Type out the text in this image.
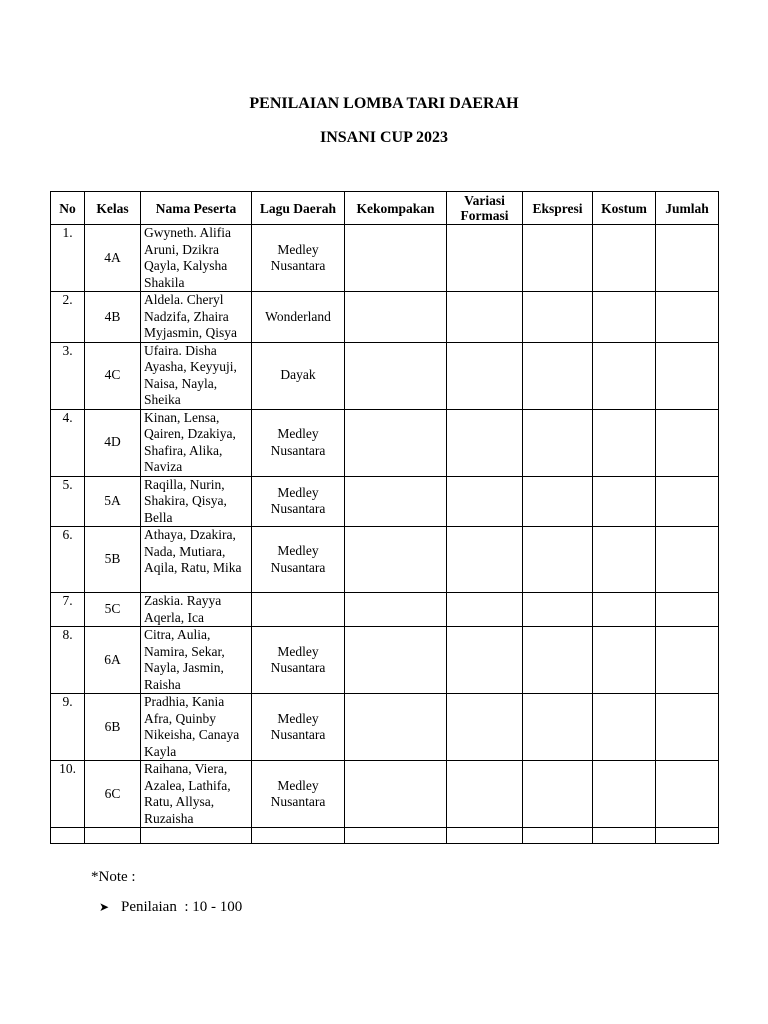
PENILAIAN LOMBA TARI DAERAH
INSANI CUP 2023
No	Kelas	Nama Peserta	Lagu Daerah	Kekompakan	Variasi Formasi	Ekspresi	Kostum	Jumlah
1.	4A	Gwyneth. Alifia Aruni, Dzikra Qayla, Kalysha Shakila	Medley Nusantara					
2.	4B	Aldela. Cheryl Nadzifa, Zhaira Myjasmin, Qisya	Wonderland					
3.	4C	Ufaira. Disha Ayasha, Keyyuji, Naisa, Nayla, Sheika	Dayak					
4.	4D	Kinan, Lensa, Qairen, Dzakiya, Shafira, Alika, Naviza	Medley Nusantara					
5.	5A	Raqilla, Nurin, Shakira, Qisya, Bella	Medley Nusantara					
6.	5B	Athaya, Dzakira, Nada, Mutiara, Aqila, Ratu, Mika	Medley Nusantara					
7.	5C	Zaskia. Rayya Aqerla, Ica						
8.	6A	Citra, Aulia, Namira, Sekar, Nayla, Jasmin, Raisha	Medley Nusantara					
9.	6B	Pradhia, Kania Afra, Quinby Nikeisha, Canaya Kayla	Medley Nusantara					
10.	6C	Raihana, Viera, Azalea, Lathifa, Ratu, Allysa, Ruzaisha	Medley Nusantara					

*Note :
➤ Penilaian  : 10 - 100
